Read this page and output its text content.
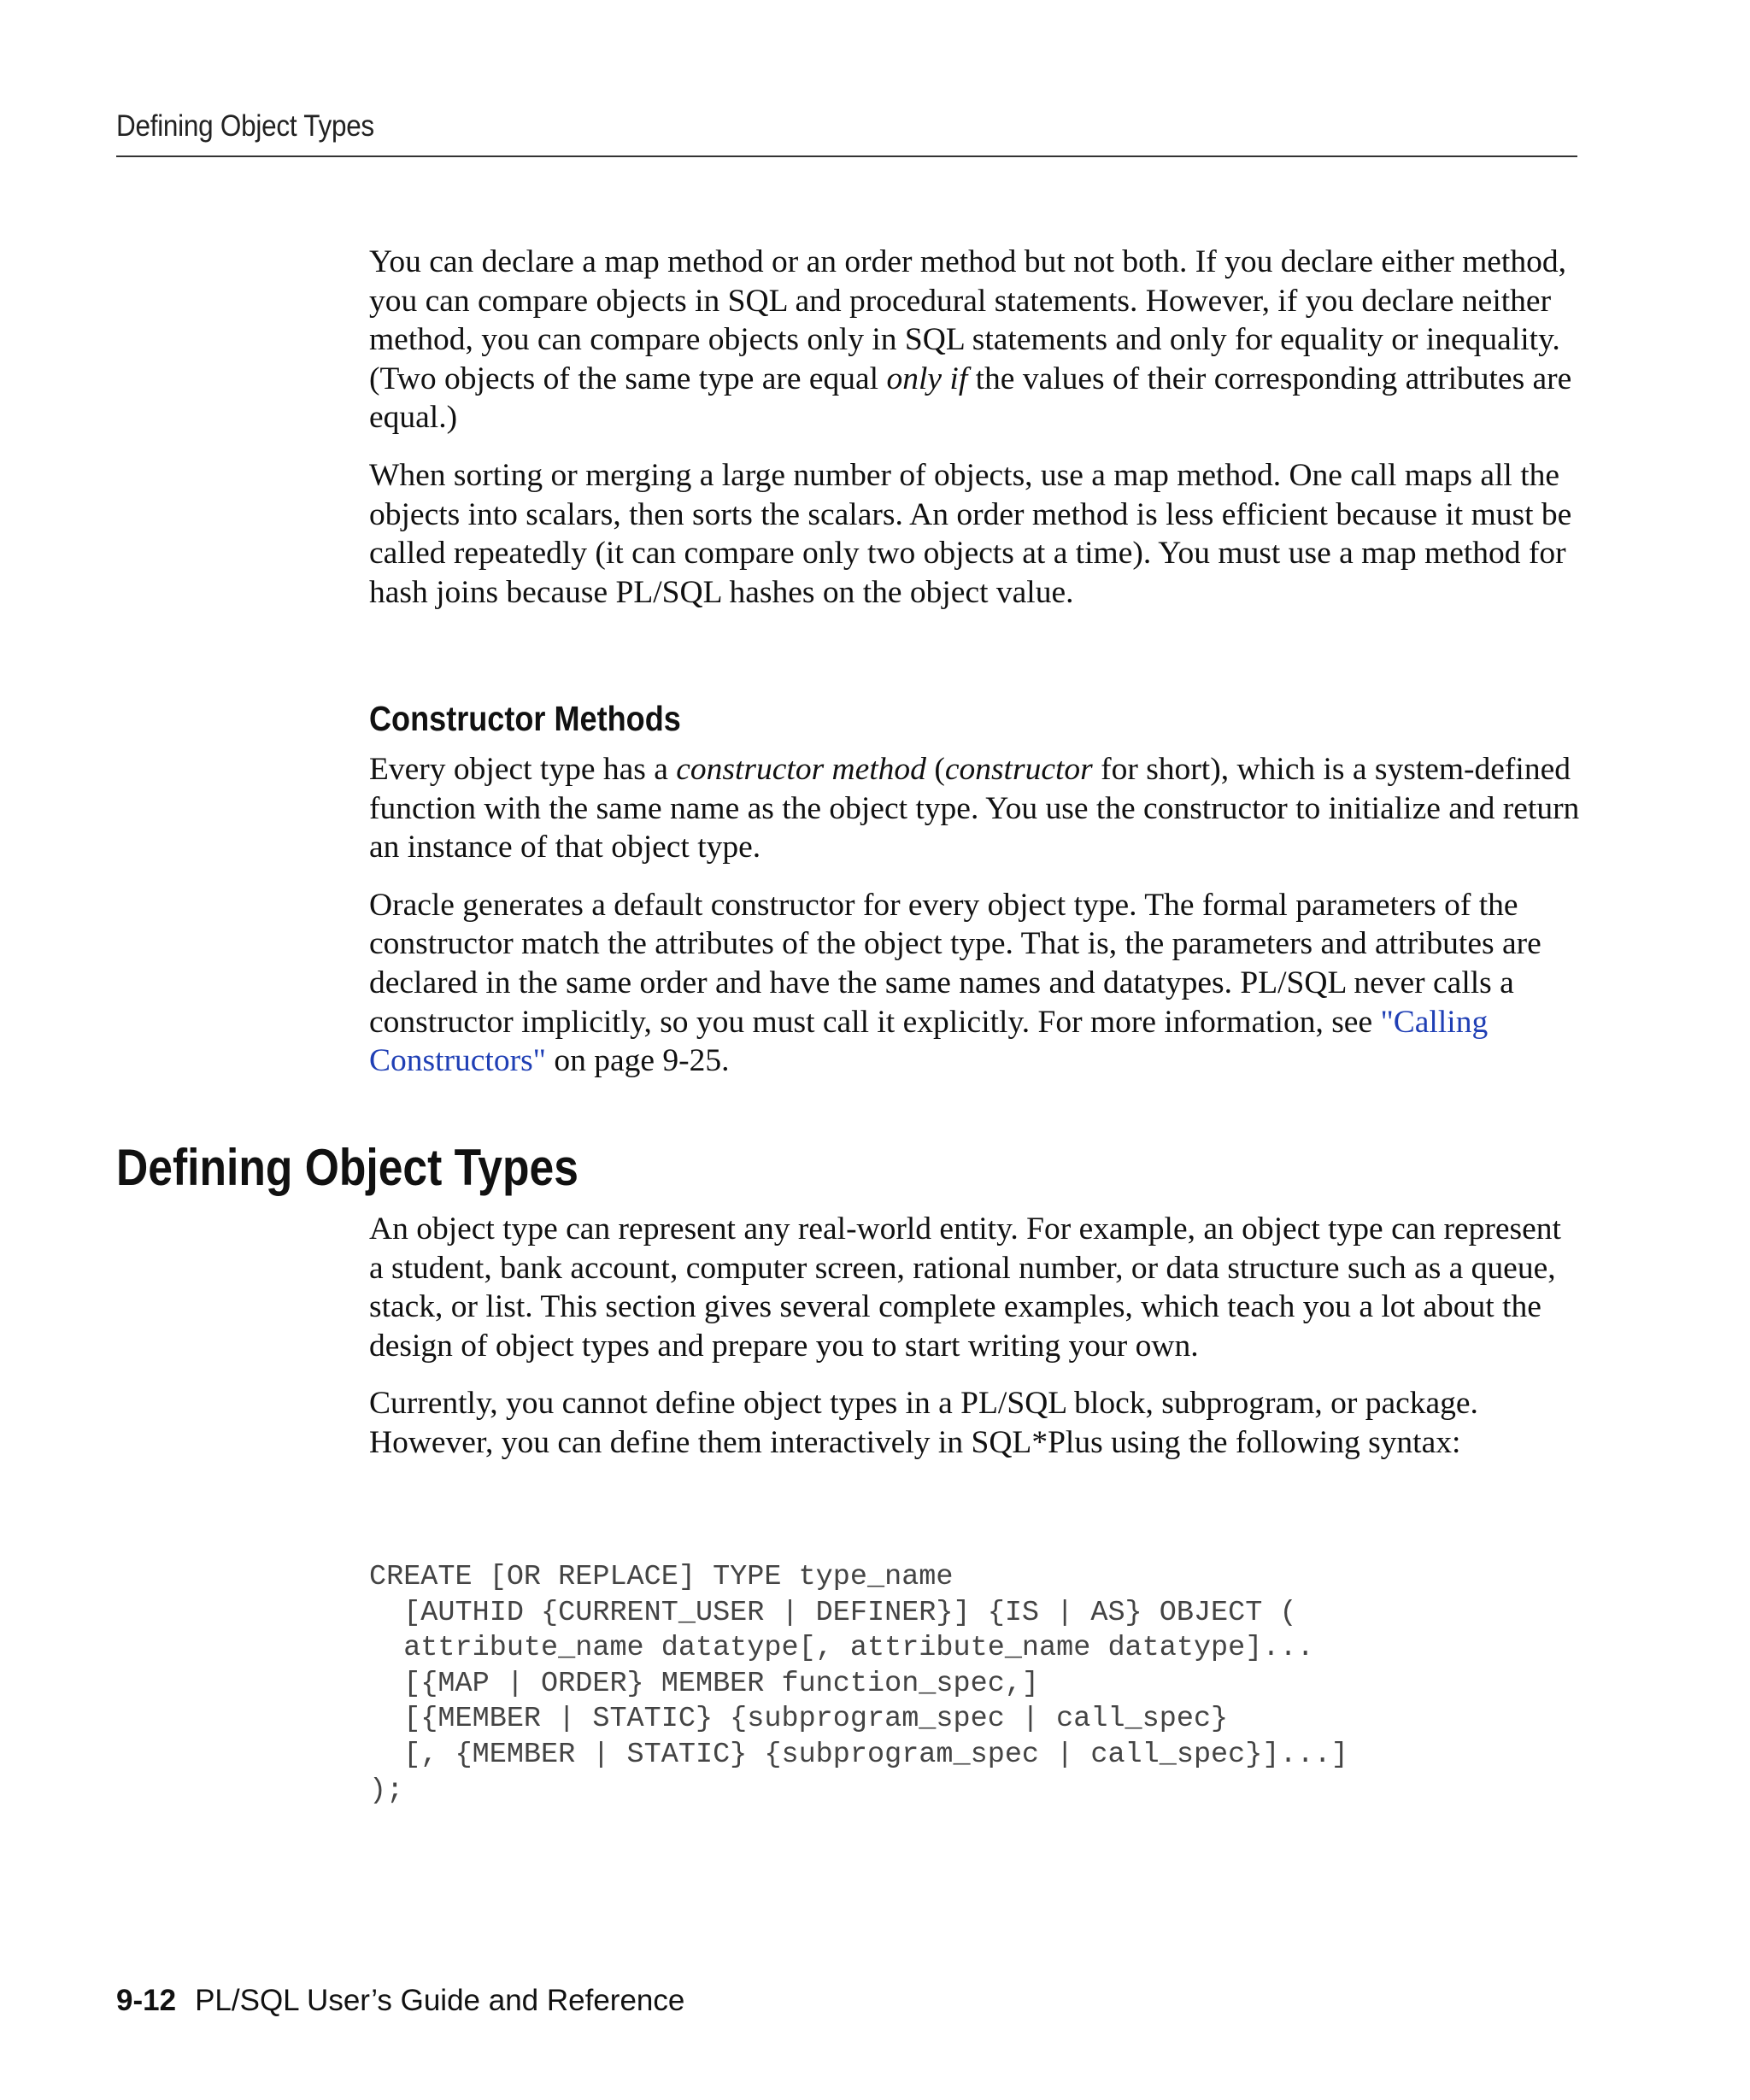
Defining Object Types

You can declare a map method or an order method but not both. If you declare either method, you can compare objects in SQL and procedural statements. However, if you declare neither method, you can compare objects only in SQL statements and only for equality or inequality. (Two objects of the same type are equal only if the values of their corresponding attributes are equal.)

When sorting or merging a large number of objects, use a map method. One call maps all the objects into scalars, then sorts the scalars. An order method is less efficient because it must be called repeatedly (it can compare only two objects at a time). You must use a map method for hash joins because PL/SQL hashes on the object value.

Constructor Methods

Every object type has a constructor method (constructor for short), which is a system-defined function with the same name as the object type. You use the constructor to initialize and return an instance of that object type.

Oracle generates a default constructor for every object type. The formal parameters of the constructor match the attributes of the object type. That is, the parameters and attributes are declared in the same order and have the same names and datatypes. PL/SQL never calls a constructor implicitly, so you must call it explicitly. For more information, see "Calling Constructors" on page 9-25.

Defining Object Types

An object type can represent any real-world entity. For example, an object type can represent a student, bank account, computer screen, rational number, or data structure such as a queue, stack, or list. This section gives several complete examples, which teach you a lot about the design of object types and prepare you to start writing your own.

Currently, you cannot define object types in a PL/SQL block, subprogram, or package. However, you can define them interactively in SQL*Plus using the following syntax:

CREATE [OR REPLACE] TYPE type_name
[AUTHID {CURRENT_USER | DEFINER}] {IS | AS} OBJECT (
attribute_name datatype[, attribute_name datatype]...
[{MAP | ORDER} MEMBER function_spec,]
[{MEMBER | STATIC} {subprogram_spec | call_spec}
[, {MEMBER | STATIC} {subprogram_spec | call_spec}]...]
);
9-12 PL/SQL User’s Guide and Reference
